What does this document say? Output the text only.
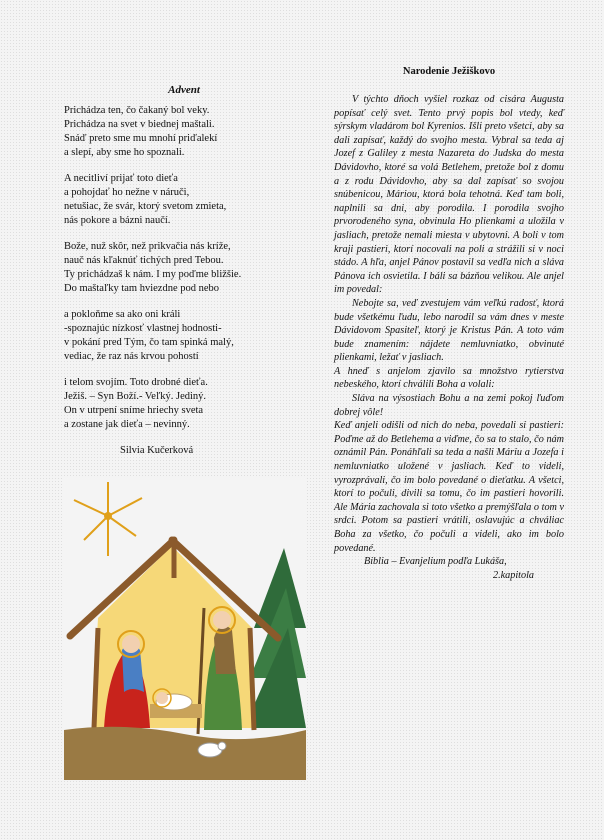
Advent
Prichádza ten, čo čakaný bol veky.
Prichádza na svet v biednej maštali.
Snáď preto sme mu mnohí priďalekí
a slepí, aby sme ho spoznali.
A necitliví prijať toto dieťa
a pohojdať ho nežne v náruči,
netušiac, že svár, ktorý svetom zmieta,
nás pokore a bázni naučí.
Bože, nuž skôr, než prikvačia nás kríže,
nauč nás kľaknúť tichých pred Tebou.
Ty prichádzaš k nám. I my poďme bližšie.
Do maštaľky tam hviezdne pod nebo
a pokloňme sa ako oni králi
-spoznajúc nízkosť vlastnej hodnosti-
v pokání pred Tým, čo tam spinká malý,
vediac, že raz nás krvou pohostí
i telom svojím. Toto drobné dieťa.
Ježiš. – Syn Boží.- Veľký. Jediný.
On v utrpení sníme hriechy sveta
a zostane jak dieťa – nevinný.
Silvia Kučerková
Narodenie Ježiškovo

V týchto dňoch vyšiel rozkaz od cisára Augusta popísať celý svet. Tento prvý popis bol vtedy, keď sýrskym vladárom bol Kyrenios. Išli preto všetci, aby sa dali zapísať, každý do svojho mesta. Vybral sa teda aj Jozef z Galiley z mesta Nazareta do Judska do mesta Dávidovho, ktoré sa volá Betlehem, pretože bol z domu a z rodu Dávidovho, aby sa dal zapísať so svojou snúbenicou, Máriou, ktorá bola tehotná. Keď tam boli, naplnili sa dni, aby porodila. I porodila svojho prvorodeného syna, obvinula Ho plienkami a uložila v jasliach, pretože nemali miesta v ubytovni. A boli v tom kraji pastieri, ktorí nocovali na poli a strážili si v noci stádo. A hľa, anjel Pánov postavil sa vedľa nich a sláva Pánova ich osvietila. I báli sa bázňou velikou. Ale anjel im povedal:

Nebojte sa, veď zvestujem vám veľkú radosť, ktorá bude všetkému ľudu, lebo narodil sa vám dnes v meste Dávidovom Spasiteľ, ktorý je Kristus Pán. A toto vám bude znamením: nájdete nemluvniatko, obvinuté plienkami, ležať v jasliach.

A hneď s anjelom zjavilo sa množstvo rytierstva nebeského, ktorí chválili Boha a volali:

Sláva na výsostiach Bohu a na zemi pokoj ľuďom dobrej vôle!

Keď anjeli odišli od nich do neba, povedali si pastieri: Poďme až do Betlehema a viďme, čo sa to stalo, čo nám oznámil Pán. Ponáhľali sa teda a našli Máriu a Jozefa i nemluvniatko uložené v jasliach. Keď to videli, vyrozprávali, čo im bolo povedané o dieťatku. A všetci, ktorí to počuli, divili sa tomu, čo im pastieri hovorili. Ale Mária zachovala si toto všetko a premýšľala o tom v srdci. Potom sa pastieri vrátili, oslavujúc a chváliac Boha za všetko, čo počuli a videli, ako im bolo povedané.

Biblia – Evanjelium podľa Lukáša,
2.kapitola
